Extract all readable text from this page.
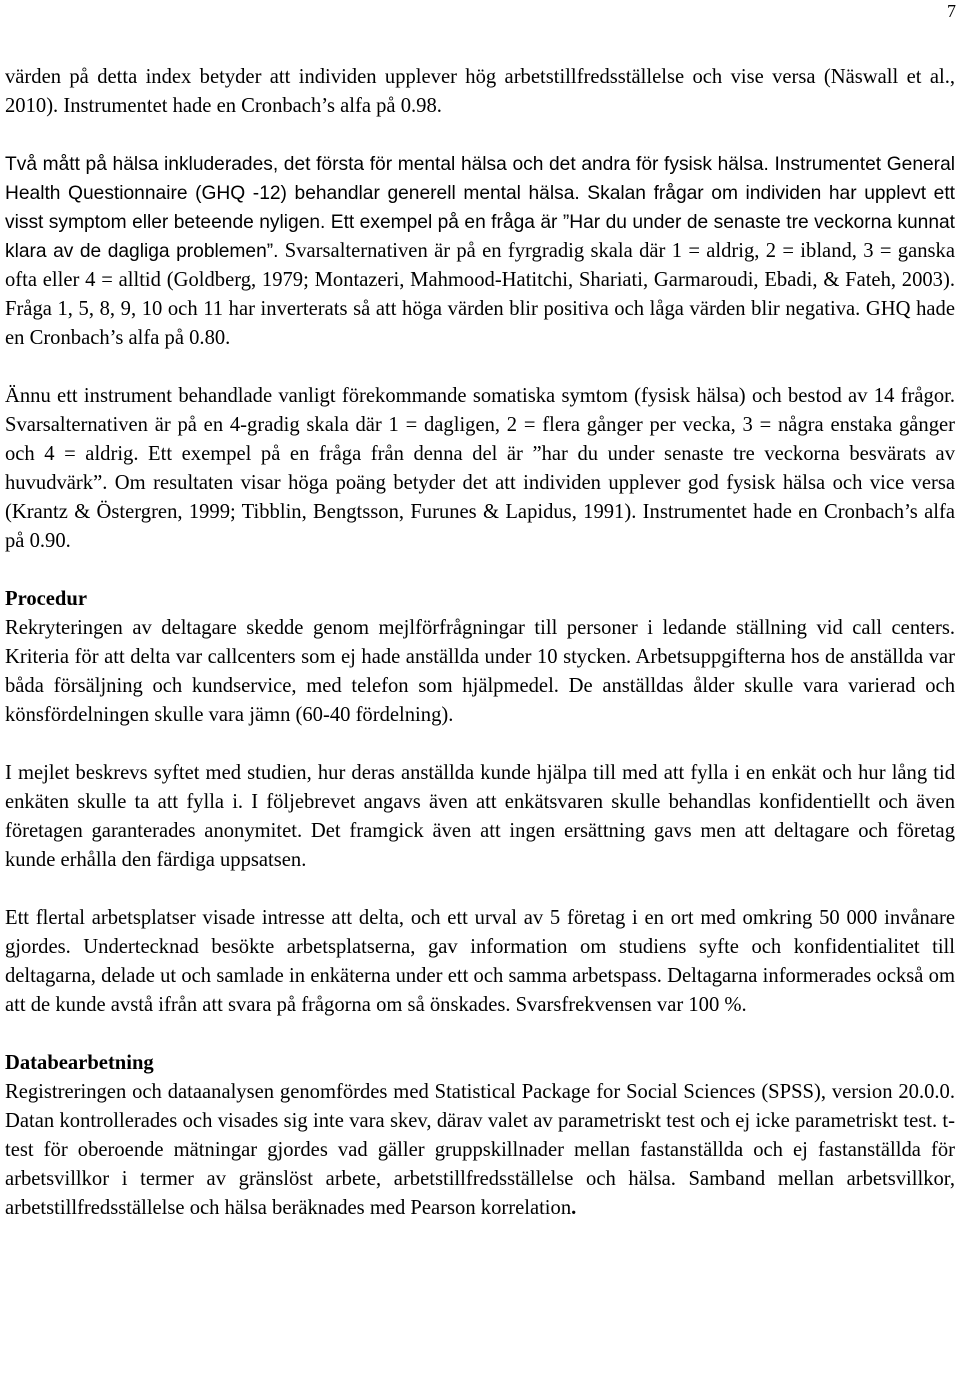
7

värden på detta index betyder att individen upplever hög arbetstillfredsställelse och vise versa (Näswall et al., 2010). Instrumentet hade en Cronbach’s alfa på 0.98.

Två mått på hälsa inkluderades, det första för mental hälsa och det andra för fysisk hälsa. Instrumentet General Health Questionnaire (GHQ -12) behandlar generell mental hälsa. Skalan frågar om individen har upplevt ett visst symptom eller beteende nyligen. Ett exempel på en fråga är ”Har du under de senaste tre veckorna kunnat klara av de dagliga problemen”. Svarsalternativen är på en fyrgradig skala där 1 = aldrig, 2 = ibland, 3 = ganska ofta eller 4 = alltid (Goldberg, 1979; Montazeri, Mahmood-Hatitchi, Shariati, Garmaroudi, Ebadi, & Fateh, 2003). Fråga 1, 5, 8, 9, 10 och 11 har inverterats så att höga värden blir positiva och låga värden blir negativa. GHQ hade en Cronbach’s alfa på 0.80.

Ännu ett instrument behandlade vanligt förekommande somatiska symtom (fysisk hälsa) och bestod av 14 frågor. Svarsalternativen är på en 4-gradig skala där 1 = dagligen, 2 = flera gånger per vecka, 3 = några enstaka gånger och 4 = aldrig. Ett exempel på en fråga från denna del är ”har du under senaste tre veckorna besvärats av huvudvärk”. Om resultaten visar höga poäng betyder det att individen upplever god fysisk hälsa och vice versa (Krantz & Östergren, 1999; Tibblin, Bengtsson, Furunes & Lapidus, 1991). Instrumentet hade en Cronbach’s alfa på 0.90.

Procedur

Rekryteringen av deltagare skedde genom mejlförfrågningar till personer i ledande ställning vid call centers. Kriteria för att delta var callcenters som ej hade anställda under 10 stycken. Arbetsuppgifterna hos de anställda var båda försäljning och kundservice, med telefon som hjälpmedel. De anställdas ålder skulle vara varierad och könsfördelningen skulle vara jämn (60-40 fördelning).

I mejlet beskrevs syftet med studien, hur deras anställda kunde hjälpa till med att fylla i en enkät och hur lång tid enkäten skulle ta att fylla i. I följebrevet angavs även att enkätsvaren skulle behandlas konfidentiellt och även företagen garanterades anonymitet. Det framgick även att ingen ersättning gavs men att deltagare och företag kunde erhålla den färdiga uppsatsen.

Ett flertal arbetsplatser visade intresse att delta, och ett urval av 5 företag i en ort med omkring 50 000 invånare gjordes. Undertecknad besökte arbetsplatserna, gav information om studiens syfte och konfidentialitet till deltagarna, delade ut och samlade in enkäterna under ett och samma arbetspass. Deltagarna informerades också om att de kunde avstå ifrån att svara på frågorna om så önskades. Svarsfrekvensen var 100 %.

Databearbetning

Registreringen och dataanalysen genomfördes med Statistical Package for Social Sciences (SPSS), version 20.0.0. Datan kontrollerades och visades sig inte vara skev, därav valet av parametriskt test och ej icke parametriskt test. t-test för oberoende mätningar gjordes vad gäller gruppskillnader mellan fastanställda och ej fastanställda för arbetsvillkor i termer av gränslöst arbete, arbetstillfredsställelse och hälsa. Samband mellan arbetsvillkor, arbetstillfredsställelse och hälsa beräknades med Pearson korrelation.
